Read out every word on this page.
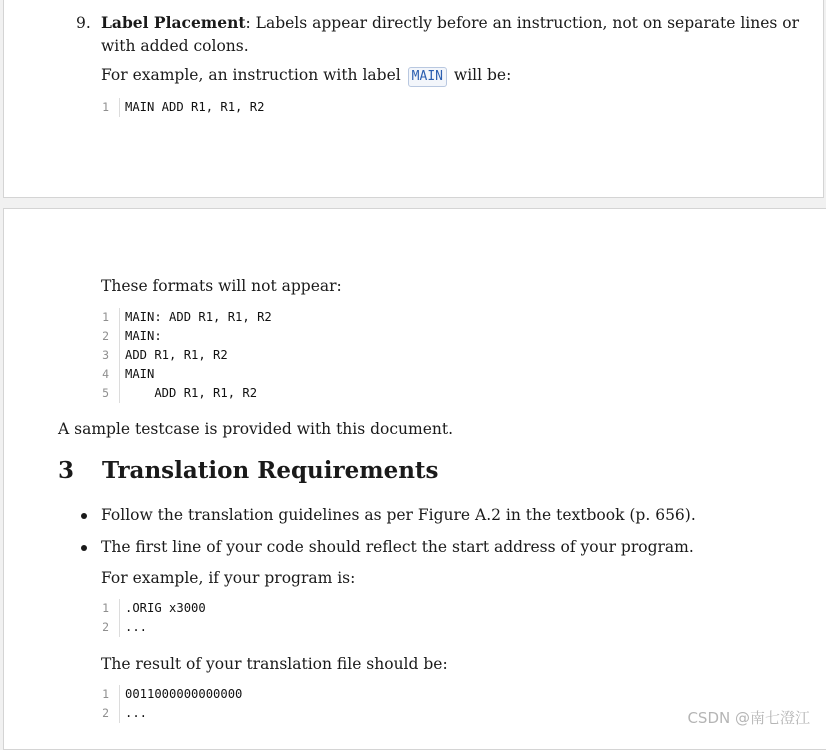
9. Label Placement: Labels appear directly before an instruction, not on separate lines or
with added colons.
For example, an instruction with label MAIN will be:
1	MAIN ADD R1, R1, R2
These formats will not appear:
1	MAIN: ADD R1, R1, R2
2	MAIN:
3	ADD R1, R1, R2
4	MAIN
5	ADD R1, R1, R2
A sample testcase is provided with this document.
3 Translation Requirements
Follow the translation guidelines as per Figure A.2 in the textbook (p. 656).
The first line of your code should reflect the start address of your program.
For example, if your program is:
1	.ORIG x3000
2	...
The result of your translation file should be:
1	0011000000000000
2	...	CSDN @南七澄江
